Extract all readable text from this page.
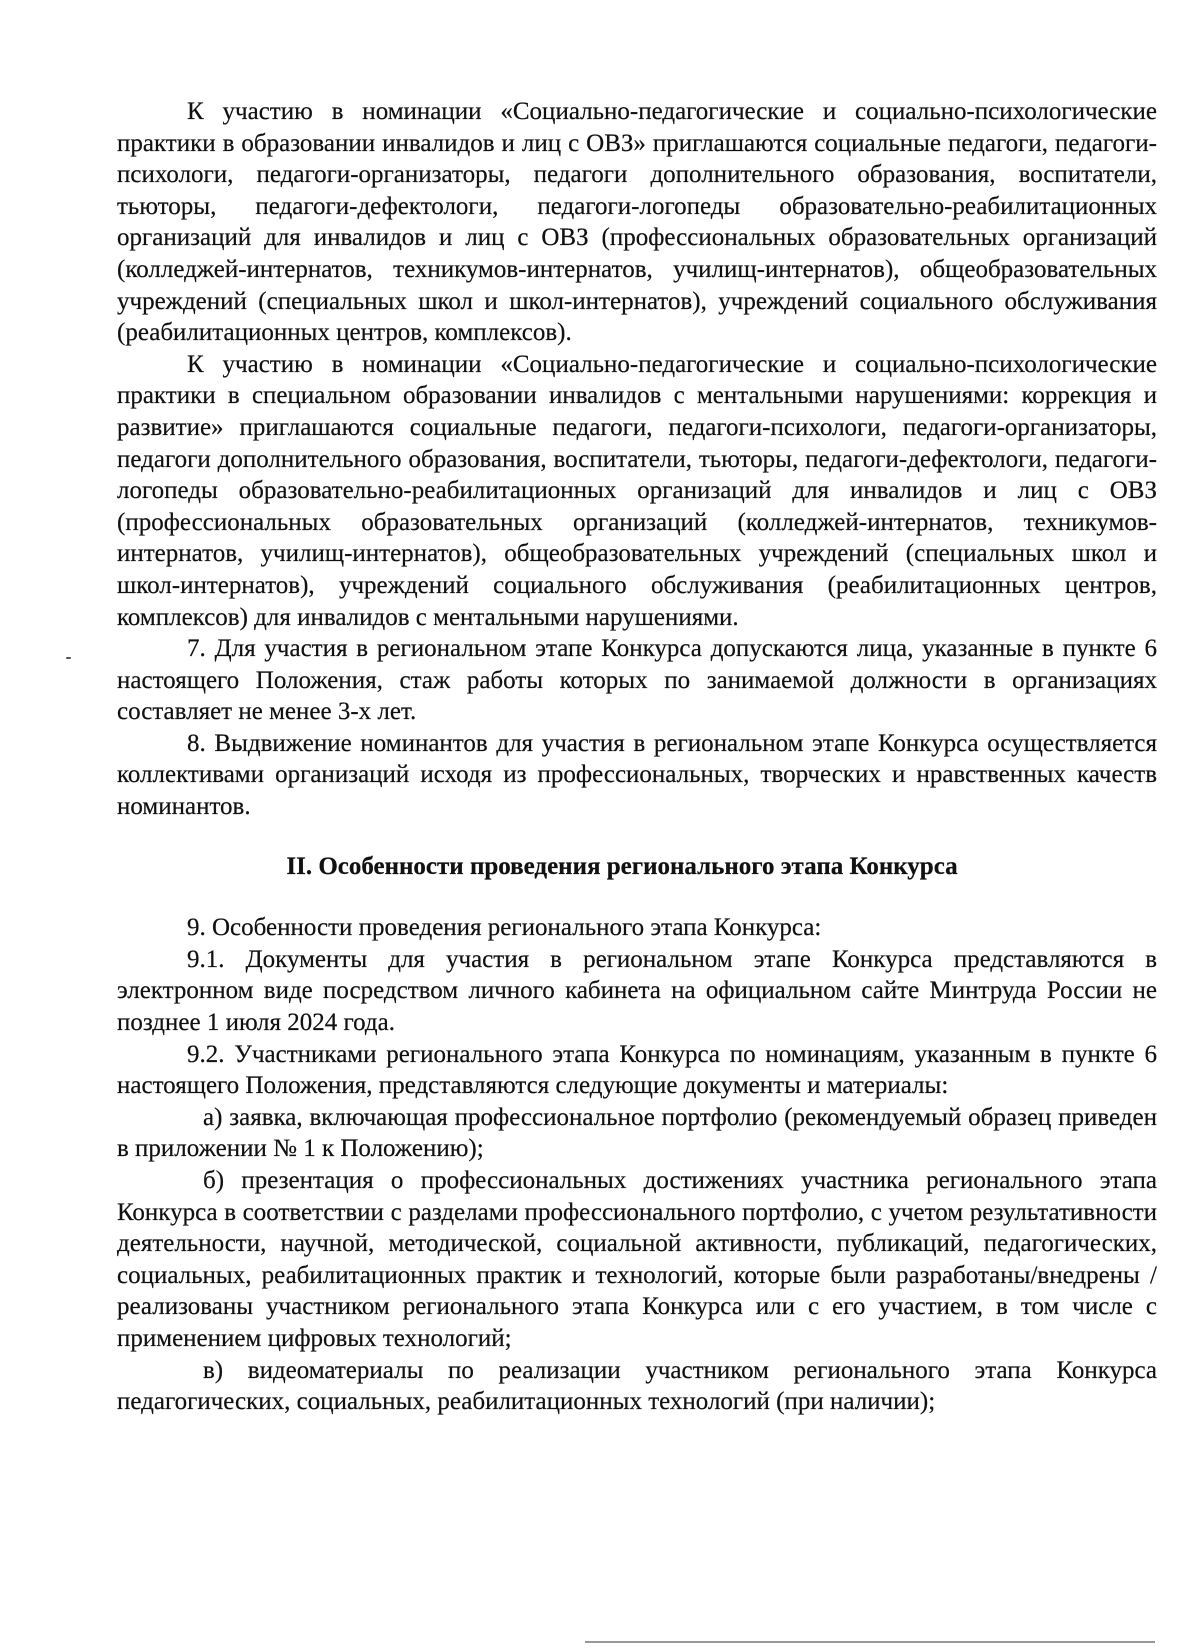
К участию в номинации «Социально-педагогические и социально-психологические практики в образовании инвалидов и лиц с ОВЗ» приглашаются социальные педагоги, педагоги-психологи, педагоги-организаторы, педагоги дополнительного образования, воспитатели, тьюторы, педагоги-дефектологи, педагоги-логопеды образовательно-реабилитационных организаций для инвалидов и лиц с ОВЗ (профессиональных образовательных организаций (колледжей-интернатов, техникумов-интернатов, училищ-интернатов), общеобразовательных учреждений (специальных школ и школ-интернатов), учреждений социального обслуживания (реабилитационных центров, комплексов).

К участию в номинации «Социально-педагогические и социально-психологические практики в специальном образовании инвалидов с ментальными нарушениями: коррекция и развитие» приглашаются социальные педагоги, педагоги-психологи, педагоги-организаторы, педагоги дополнительного образования, воспитатели, тьюторы, педагоги-дефектологи, педагоги-логопеды образовательно-реабилитационных организаций для инвалидов и лиц с ОВЗ (профессиональных образовательных организаций (колледжей-интернатов, техникумов-интернатов, училищ-интернатов), общеобразовательных учреждений (специальных школ и школ-интернатов), учреждений социального обслуживания (реабилитационных центров, комплексов) для инвалидов с ментальными нарушениями.

7. Для участия в региональном этапе Конкурса допускаются лица, указанные в пункте 6 настоящего Положения, стаж работы которых по занимаемой должности в организациях составляет не менее 3-х лет.

8. Выдвижение номинантов для участия в региональном этапе Конкурса осуществляется коллективами организаций исходя из профессиональных, творческих и нравственных качеств номинантов.

II. Особенности проведения регионального этапа Конкурса

9. Особенности проведения регионального этапа Конкурса:

9.1. Документы для участия в региональном этапе Конкурса представляются в электронном виде посредством личного кабинета на официальном сайте Минтруда России не позднее 1 июля 2024 года.

9.2. Участниками регионального этапа Конкурса по номинациям, указанным в пункте 6 настоящего Положения, представляются следующие документы и материалы:

а) заявка, включающая профессиональное портфолио (рекомендуемый образец приведен в приложении № 1 к Положению);

б) презентация о профессиональных достижениях участника регионального этапа Конкурса в соответствии с разделами профессионального портфолио, с учетом результативности деятельности, научной, методической, социальной активности, публикаций, педагогических, социальных, реабилитационных практик и технологий, которые были разработаны/внедрены /реализованы участником регионального этапа Конкурса или с его участием, в том числе с применением цифровых технологий;

в) видеоматериалы по реализации участником регионального этапа Конкурса педагогических, социальных, реабилитационных технологий (при наличии);
